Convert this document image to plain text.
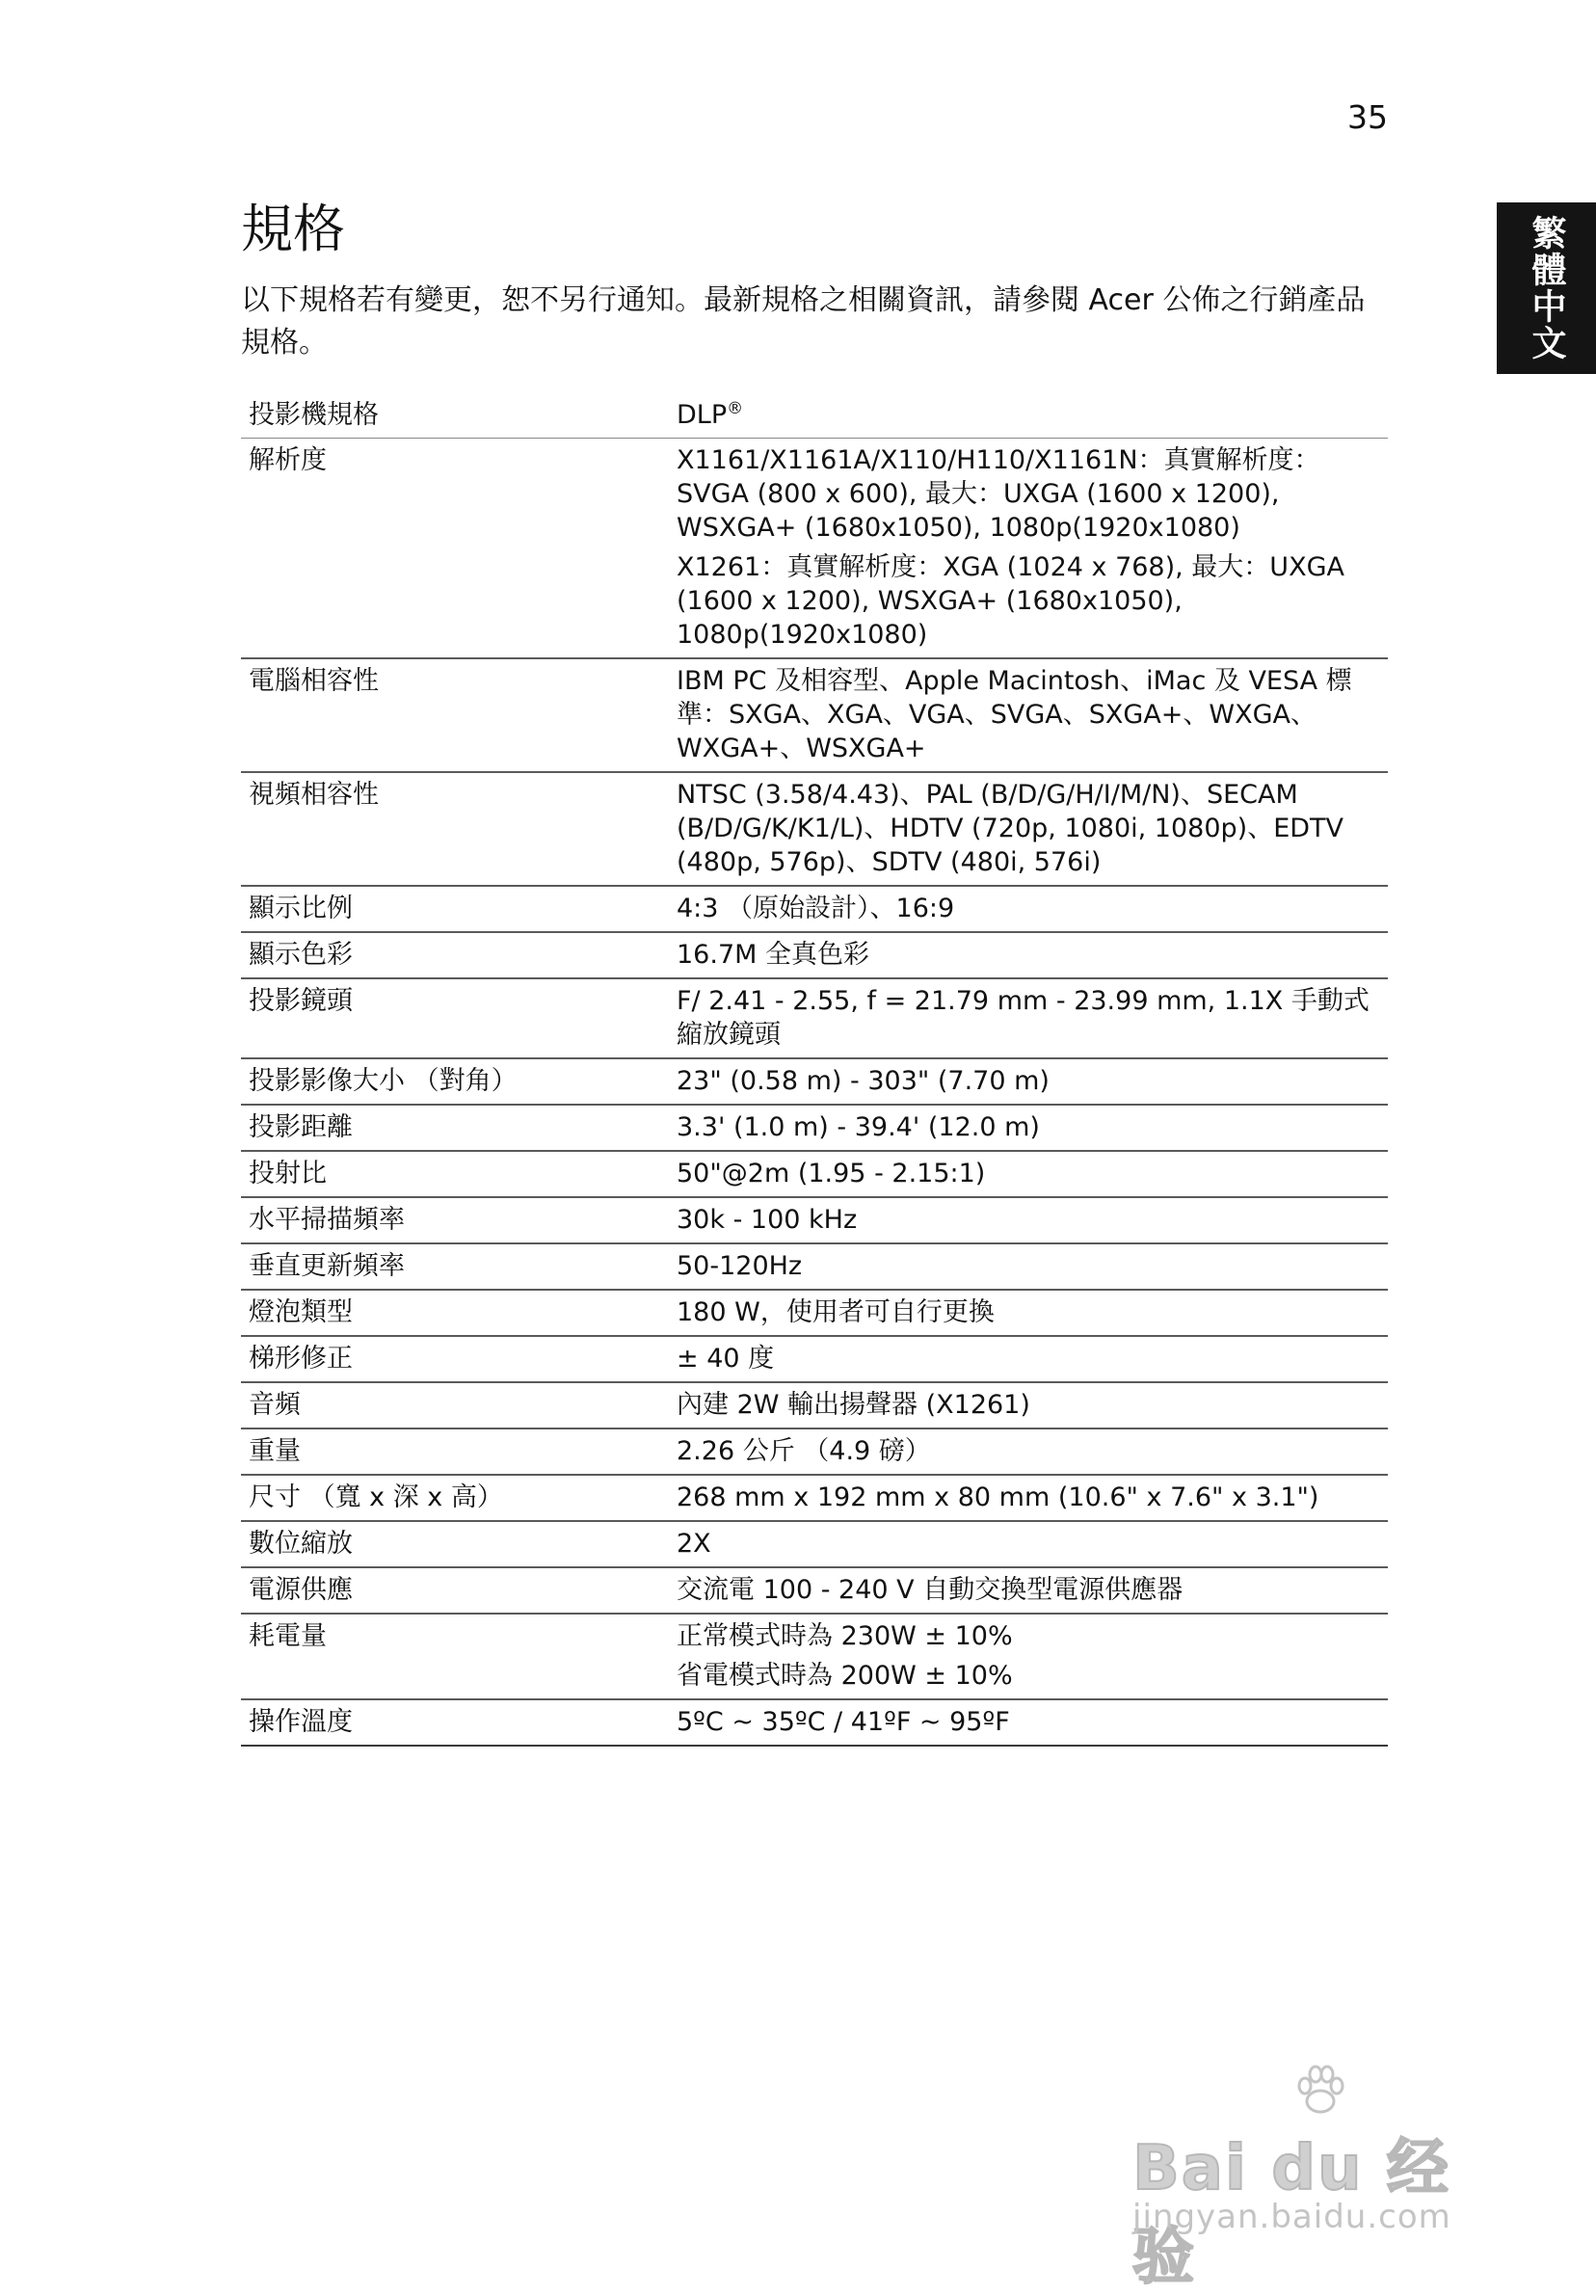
35
繁體中文
規格

以下規格若有變更，恕不另行通知。最新規格之相關資訊，請參閱 Acer 公佈之行銷產品規格。

投影機規格	DLP®
解析度	X1161/X1161A/X110/H110/X1161N：真實解析度：SVGA (800 x 600), 最大：UXGA (1600 x 1200), WSXGA+ (1680x1050), 1080p(1920x1080)
X1261：真實解析度：XGA (1024 x 768), 最大：UXGA (1600 x 1200), WSXGA+ (1680x1050), 1080p(1920x1080)

電腦相容性	IBM PC 及相容型、Apple Macintosh、iMac 及 VESA 標準：SXGA、XGA、VGA、SVGA、SXGA+、WXGA、WXGA+、WSXGA+

視頻相容性	NTSC (3.58/4.43)、PAL (B/D/G/H/I/M/N)、SECAM (B/D/G/K/K1/L)、HDTV (720p, 1080i, 1080p)、EDTV (480p, 576p)、SDTV (480i, 576i)

顯示比例	4:3 （原始設計）、16:9

顯示色彩	16.7M 全真色彩

投影鏡頭	F/ 2.41 - 2.55, f = 21.79 mm - 23.99 mm, 1.1X 手動式縮放鏡頭

投影影像大小 （對角）	23" (0.58 m) - 303" (7.70 m)

投影距離	3.3' (1.0 m) - 39.4' (12.0 m)

投射比	50"@2m (1.95 - 2.15:1)

水平掃描頻率	30k - 100 kHz

垂直更新頻率	50-120Hz

燈泡類型	180 W，使用者可自行更換

梯形修正	± 40 度

音頻	內建 2W 輸出揚聲器 (X1261)

重量	2.26 公斤 （4.9 磅）

尺寸 （寬 x 深 x 高）	268 mm x 192 mm x 80 mm (10.6" x 7.6" x 3.1")

數位縮放	2X

電源供應	交流電 100 - 240 V 自動交換型電源供應器

耗電量	正常模式時為 230W ± 10%
省電模式時為 200W ± 10%

操作溫度	5ºC ~ 35ºC / 41ºF ~ 95ºF
Bai du 经验
jingyan.baidu.com
